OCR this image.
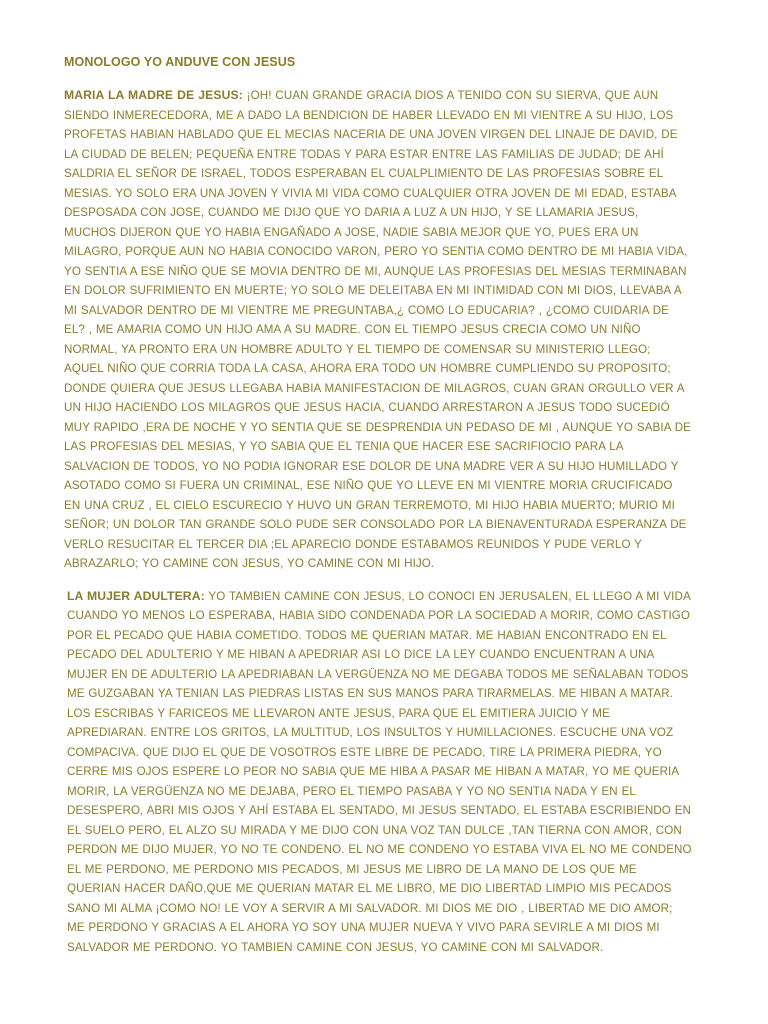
MONOLOGO YO ANDUVE CON JESUS

MARIA LA MADRE DE JESUS: ¡OH! CUAN GRANDE GRACIA DIOS A TENIDO CON SU SIERVA, QUE AUN SIENDO INMERECEDORA, ME A DADO LA BENDICION DE HABER LLEVADO EN MI VIENTRE A SU HIJO, LOS PROFETAS HABIAN HABLADO QUE EL MECIAS NACERIA DE UNA JOVEN VIRGEN DEL LINAJE DE DAVID, DE LA CIUDAD DE BELEN; PEQUEÑA ENTRE TODAS Y PARA ESTAR ENTRE LAS FAMILIAS DE JUDAD; DE AHÍ SALDRIA EL SEÑOR DE ISRAEL, TODOS ESPERABAN EL CUALPLIMIENTO DE LAS PROFESIAS SOBRE EL MESIAS. YO SOLO ERA UNA JOVEN Y VIVIA MI VIDA COMO CUALQUIER OTRA JOVEN DE MI EDAD, ESTABA DESPOSADA CON JOSE, CUANDO ME DIJO QUE YO DARIA A LUZ A UN HIJO, Y SE LLAMARIA JESUS, MUCHOS DIJERON QUE YO HABIA ENGAÑADO A JOSE, NADIE SABIA MEJOR QUE YO, PUES ERA UN MILAGRO, PORQUE AUN NO HABIA CONOCIDO VARON, PERO YO SENTIA COMO DENTRO DE MI HABIA VIDA, YO SENTIA A ESE NIÑO QUE SE MOVIA DENTRO DE MI, AUNQUE LAS PROFESIAS DEL MESIAS TERMINABAN EN DOLOR SUFRIMIENTO EN MUERTE; YO SOLO ME DELEITABA EN MI INTIMIDAD CON MI DIOS, LLEVABA A MI SALVADOR DENTRO DE MI VIENTRE ME PREGUNTABA,¿ COMO LO EDUCARIA? , ¿COMO CUIDARIA DE EL? , ME AMARIA COMO UN HIJO AMA A SU MADRE. CON EL TIEMPO JESUS CRECIA COMO UN NIÑO NORMAL, YA PRONTO ERA UN HOMBRE ADULTO Y EL TIEMPO DE COMENSAR SU MINISTERIO LLEGO; AQUEL NIÑO QUE CORRIA TODA LA CASA, AHORA ERA TODO UN HOMBRE CUMPLIENDO SU PROPOSITO; DONDE QUIERA QUE JESUS LLEGABA HABIA MANIFESTACION DE MILAGROS, CUAN GRAN ORGULLO VER A UN HIJO HACIENDO LOS MILAGROS QUE JESUS HACIA, CUANDO ARRESTARON A JESUS TODO SUCEDIÓ MUY RAPIDO ,ERA DE NOCHE Y YO SENTIA QUE SE DESPRENDIA UN PEDASO DE MI , AUNQUE YO SABIA DE LAS PROFESIAS DEL MESIAS, Y YO SABIA QUE EL TENIA QUE HACER ESE SACRIFIOCIO PARA LA SALVACION DE TODOS, YO NO PODIA IGNORAR ESE DOLOR DE UNA MADRE VER A SU HIJO HUMILLADO Y ASOTADO COMO SI FUERA UN CRIMINAL, ESE NIÑO QUE YO LLEVE EN MI VIENTRE MORIA CRUCIFICADO EN UNA CRUZ , EL CIELO ESCURECIO Y HUVO UN GRAN TERREMOTO, MI HIJO HABIA MUERTO; MURIO MI SEÑOR; UN DOLOR TAN GRANDE SOLO PUDE SER CONSOLADO POR LA BIENAVENTURADA ESPERANZA DE VERLO RESUCITAR EL TERCER DIA ;EL APARECIO DONDE ESTABAMOS REUNIDOS Y PUDE VERLO Y ABRAZARLO; YO CAMINE CON JESUS, YO CAMINE CON MI HIJO.

LA MUJER ADULTERA: YO TAMBIEN CAMINE CON JESUS, LO CONOCI EN JERUSALEN, EL LLEGO A MI VIDA CUANDO YO MENOS LO ESPERABA, HABIA SIDO CONDENADA POR LA SOCIEDAD A MORIR, COMO CASTIGO POR EL PECADO QUE HABIA COMETIDO. TODOS ME QUERIAN MATAR. ME HABIAN ENCONTRADO EN EL PECADO DEL ADULTERIO Y ME HIBAN A APEDRIAR ASI LO DICE LA LEY CUANDO ENCUENTRAN A UNA MUJER EN DE ADULTERIO LA APEDRIABAN LA VERGÜENZA NO ME DEGABA TODOS ME SEÑALABAN TODOS ME GUZGABAN YA TENIAN LAS PIEDRAS LISTAS EN SUS MANOS PARA TIRARMELAS. ME HIBAN A MATAR. LOS ESCRIBAS Y FARICEOS ME LLEVARON ANTE JESUS, PARA QUE EL EMITIERA JUICIO Y ME APREDIARAN. ENTRE LOS GRITOS, LA MULTITUD, LOS INSULTOS Y HUMILLACIONES. ESCUCHE UNA VOZ COMPACIVA. QUE DIJO EL QUE DE VOSOTROS ESTE LIBRE DE PECADO, TIRE LA PRIMERA PIEDRA, YO CERRE MIS OJOS ESPERE LO PEOR NO SABIA QUE ME HIBA A PASAR ME HIBAN A MATAR, YO ME QUERIA MORIR, LA VERGÜENZA NO ME DEJABA, PERO EL TIEMPO PASABA Y YO NO SENTIA NADA Y EN EL DESESPERO, ABRI MIS OJOS Y AHÍ ESTABA EL SENTADO, MI JESUS SENTADO, EL ESTABA ESCRIBIENDO EN EL SUELO PERO, EL ALZO SU MIRADA Y ME DIJO CON UNA VOZ TAN DULCE ,TAN TIERNA CON AMOR, CON PERDON ME DIJO MUJER, YO NO TE CONDENO. EL NO ME CONDENO YO ESTABA VIVA EL NO ME CONDENO EL ME PERDONO, ME PERDONO MIS PECADOS, MI JESUS ME LIBRO DE LA MANO DE LOS QUE ME QUERIAN HACER DAÑO,QUE ME QUERIAN MATAR EL ME LIBRO, ME DIO LIBERTAD LIMPIO MIS PECADOS SANO MI ALMA ¡COMO NO! LE VOY A SERVIR A MI SALVADOR. MI DIOS ME DIO , LIBERTAD ME DIO AMOR; ME PERDONO Y GRACIAS A EL AHORA YO SOY UNA MUJER NUEVA Y VIVO PARA SEVIRLE A MI DIOS MI SALVADOR ME PERDONO. YO TAMBIEN CAMINE CON JESUS, YO CAMINE CON MI SALVADOR.
